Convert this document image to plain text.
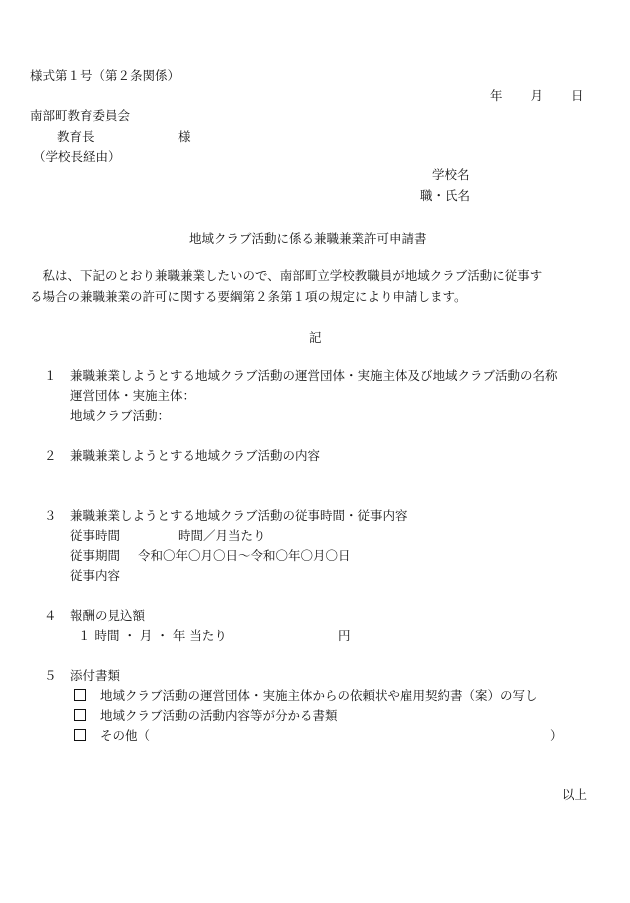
様式第１号（第２条関係）
年 月 日
南部町教育委員会
教育長	様
（学校長経由）
学校名
職・氏名
地域クラブ活動に係る兼職兼業許可申請書
　私は、下記のとおり兼職兼業したいので、南部町立学校教職員が地域クラブ活動に従事す
る場合の兼職兼業の許可に関する要綱第２条第１項の規定により申請します。
記
１ 兼職兼業しようとする地域クラブ活動の運営団体・実施主体及び地域クラブ活動の名称
運営団体・実施主体：
地域クラブ活動：
２ 兼職兼業しようとする地域クラブ活動の内容
３ 兼職兼業しようとする地域クラブ活動の従事時間・従事内容
従事時間	時間／月当たり
従事期間 令和〇年〇月〇日～令和〇年〇月〇日
従事内容
４ 報酬の見込額
１ 時間 ・ 月 ・ 年 当たり	円
５ 添付書類
地域クラブ活動の運営団体・実施主体からの依頼状や雇用契約書（案）の写し
地域クラブ活動の活動内容等が分かる書類
その他（	）
以上
